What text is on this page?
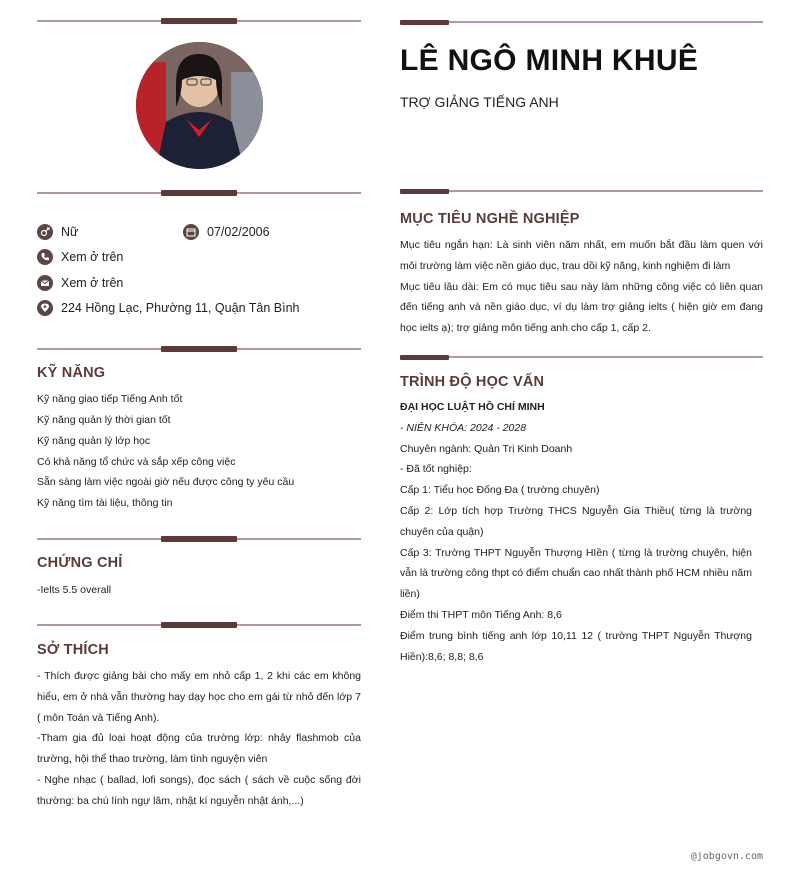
Nữ	07/02/2006
Xem ở trên
Xem ở trên
224 Hồng Lạc, Phường 11, Quận Tân Bình
KỸ NĂNG
Kỹ năng giao tiếp Tiếng Anh tốt
Kỹ năng quản lý thời gian tốt
Kỹ năng quản lý lớp học
Có khả năng tổ chức và sắp xếp công việc
Sẵn sàng làm việc ngoài giờ nếu được công ty yêu cầu
Kỹ năng tìm tài liệu, thông tin
CHỨNG CHỈ
-Ielts 5.5 overall
SỞ THÍCH

- Thích được giảng bài cho mấy em nhỏ cấp 1, 2 khi các em không hiểu, em ở nhà vẫn thường hay dạy học cho em gái từ nhỏ đến lớp 7 ( môn Toán và Tiếng Anh).

-Tham gia đủ loại hoạt động của trường lớp: nhảy flashmob của trường, hội thể thao trường, làm tình nguyện viên

- Nghe nhạc ( ballad, lofi songs), đọc sách ( sách về cuộc sống đời thường: ba chú lính ngự lâm, nhật kí nguyễn nhật ánh,...)

LÊ NGÔ MINH KHUÊ
TRỢ GIẢNG TIẾNG ANH
MỤC TIÊU NGHỀ NGHIỆP

Mục tiêu ngắn hạn: Là sinh viên năm nhất, em muốn bắt đầu làm quen với môi trường làm việc nền giáo dục, trau dồi kỹ năng, kinh nghiệm đi làm

Mục tiêu lâu dài: Em có mục tiêu sau này làm những công việc có liên quan đến tiếng anh và nền giáo dục, ví dụ làm trợ giảng ielts ( hiện giờ em đang học ielts ạ); trợ giảng môn tiếng anh cho cấp 1, cấp 2.

TRÌNH ĐỘ HỌC VẤN

ĐẠI HỌC LUẬT HỒ CHÍ MINH

- NIÊN KHÓA: 2024 - 2028

Chuyên ngành: Quản Trị Kinh Doanh

- Đã tốt nghiệp:

Cấp 1: Tiểu học Đống Đa ( trường chuyên)

Cấp 2: Lớp tích hợp Trường THCS Nguyễn Gia Thiều( từng là trường chuyên của quận)

Cấp 3: Trường THPT Nguyễn Thượng HIền ( từng là trường chuyên, hiện vẫn là trường công thpt có điểm chuẩn cao nhất thành phố HCM nhiều năm liền)

Điểm thi THPT môn Tiếng Anh: 8,6

Điểm trung bình tiếng anh lớp 10,11 12 ( trường THPT Nguyễn Thượng Hiền):8,6; 8,8; 8,6

@jobgovn.com
